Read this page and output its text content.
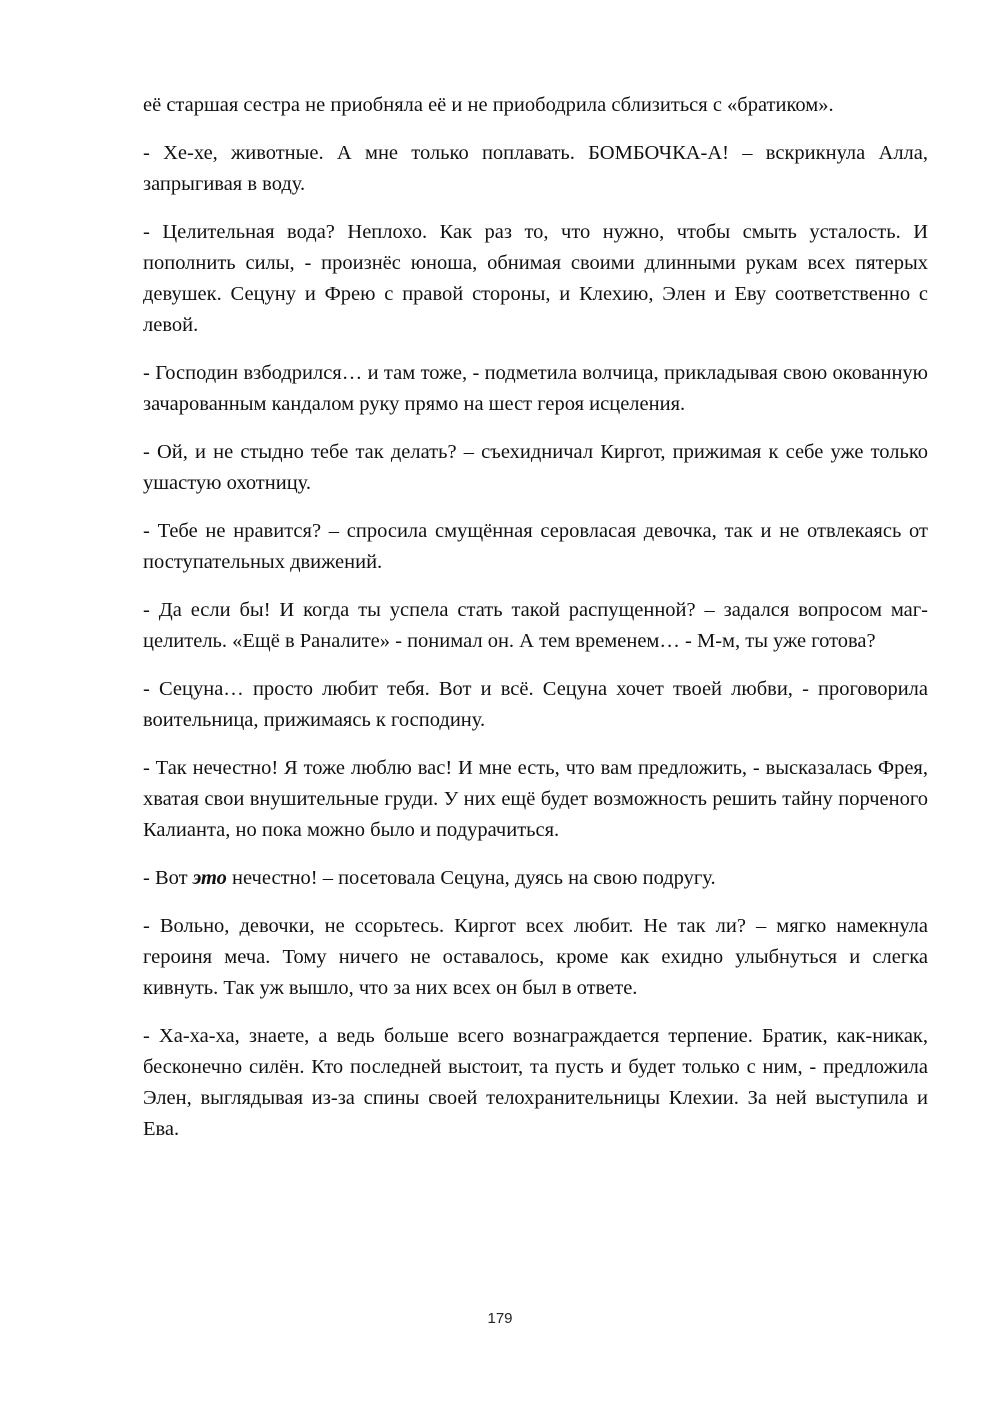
её старшая сестра не приобняла её и не приободрила сблизиться с «братиком».

- Хе-хе, животные. А мне только поплавать. БОМБОЧКА-А! – вскрикнула Алла, запрыгивая в воду.

- Целительная вода? Неплохо. Как раз то, что нужно, чтобы смыть усталость. И пополнить силы, - произнёс юноша, обнимая своими длинными рукам всех пятерых девушек. Сецуну и Фрею с правой стороны, и Клехию, Элен и Еву соответственно с левой.

- Господин взбодрился… и там тоже, - подметила волчица, прикладывая свою окованную зачарованным кандалом руку прямо на шест героя исцеления.

- Ой, и не стыдно тебе так делать? – съехидничал Киргот, прижимая к себе уже только ушастую охотницу.

- Тебе не нравится? – спросила смущённая серовласая девочка, так и не отвлекаясь от поступательных движений.

- Да если бы! И когда ты успела стать такой распущенной? – задался вопросом маг-целитель. «Ещё в Раналите» - понимал он. А тем временем… - М-м, ты уже готова?

- Сецуна… просто любит тебя. Вот и всё. Сецуна хочет твоей любви, - проговорила воительница, прижимаясь к господину.

- Так нечестно! Я тоже люблю вас! И мне есть, что вам предложить, - высказалась Фрея, хватая свои внушительные груди. У них ещё будет возможность решить тайну порченого Калианта, но пока можно было и подурачиться.

- Вот это нечестно! – посетовала Сецуна, дуясь на свою подругу.

- Вольно, девочки, не ссорьтесь. Киргот всех любит. Не так ли? – мягко намекнула героиня меча. Тому ничего не оставалось, кроме как ехидно улыбнуться и слегка кивнуть. Так уж вышло, что за них всех он был в ответе.

- Ха-ха-ха, знаете, а ведь больше всего вознаграждается терпение. Братик, как-никак, бесконечно силён. Кто последней выстоит, та пусть и будет только с ним, - предложила Элен, выглядывая из-за спины своей телохранительницы Клехии. За ней выступила и Ева.

179
